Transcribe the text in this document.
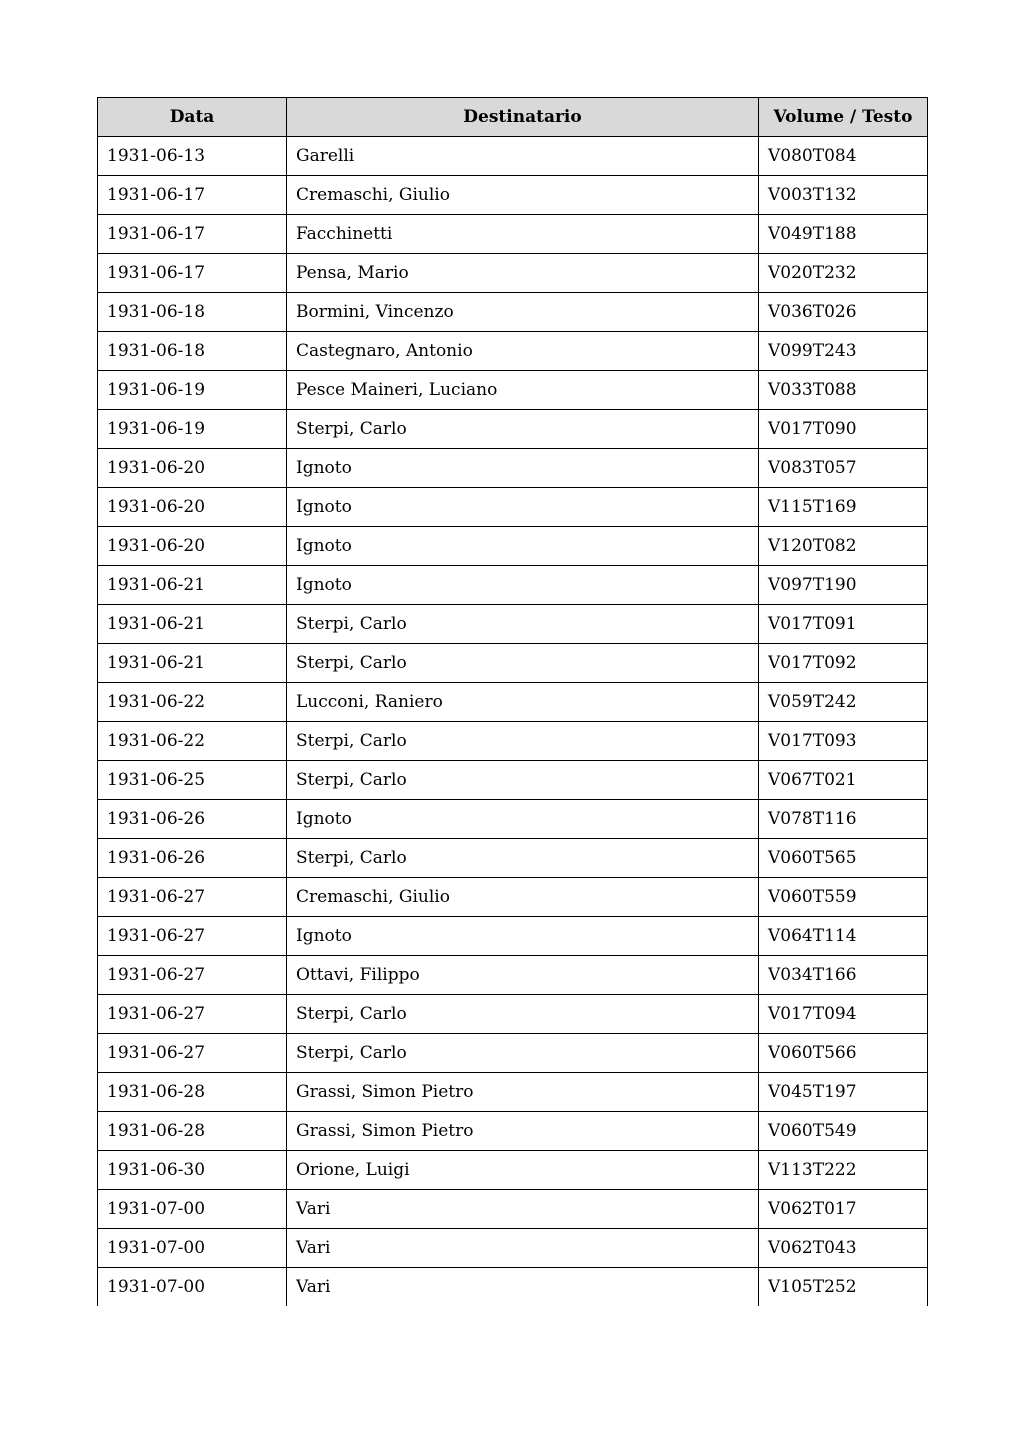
Data	Destinatario	Volume / Testo
1931-06-13	Garelli	V080T084
1931-06-17	Cremaschi, Giulio	V003T132
1931-06-17	Facchinetti	V049T188
1931-06-17	Pensa, Mario	V020T232
1931-06-18	Bormini, Vincenzo	V036T026
1931-06-18	Castegnaro, Antonio	V099T243
1931-06-19	Pesce Maineri, Luciano	V033T088
1931-06-19	Sterpi, Carlo	V017T090
1931-06-20	Ignoto	V083T057
1931-06-20	Ignoto	V115T169
1931-06-20	Ignoto	V120T082
1931-06-21	Ignoto	V097T190
1931-06-21	Sterpi, Carlo	V017T091
1931-06-21	Sterpi, Carlo	V017T092
1931-06-22	Lucconi, Raniero	V059T242
1931-06-22	Sterpi, Carlo	V017T093
1931-06-25	Sterpi, Carlo	V067T021
1931-06-26	Ignoto	V078T116
1931-06-26	Sterpi, Carlo	V060T565
1931-06-27	Cremaschi, Giulio	V060T559
1931-06-27	Ignoto	V064T114
1931-06-27	Ottavi, Filippo	V034T166
1931-06-27	Sterpi, Carlo	V017T094
1931-06-27	Sterpi, Carlo	V060T566
1931-06-28	Grassi, Simon Pietro	V045T197
1931-06-28	Grassi, Simon Pietro	V060T549
1931-06-30	Orione, Luigi	V113T222
1931-07-00	Vari	V062T017
1931-07-00	Vari	V062T043
1931-07-00	Vari	V105T252
